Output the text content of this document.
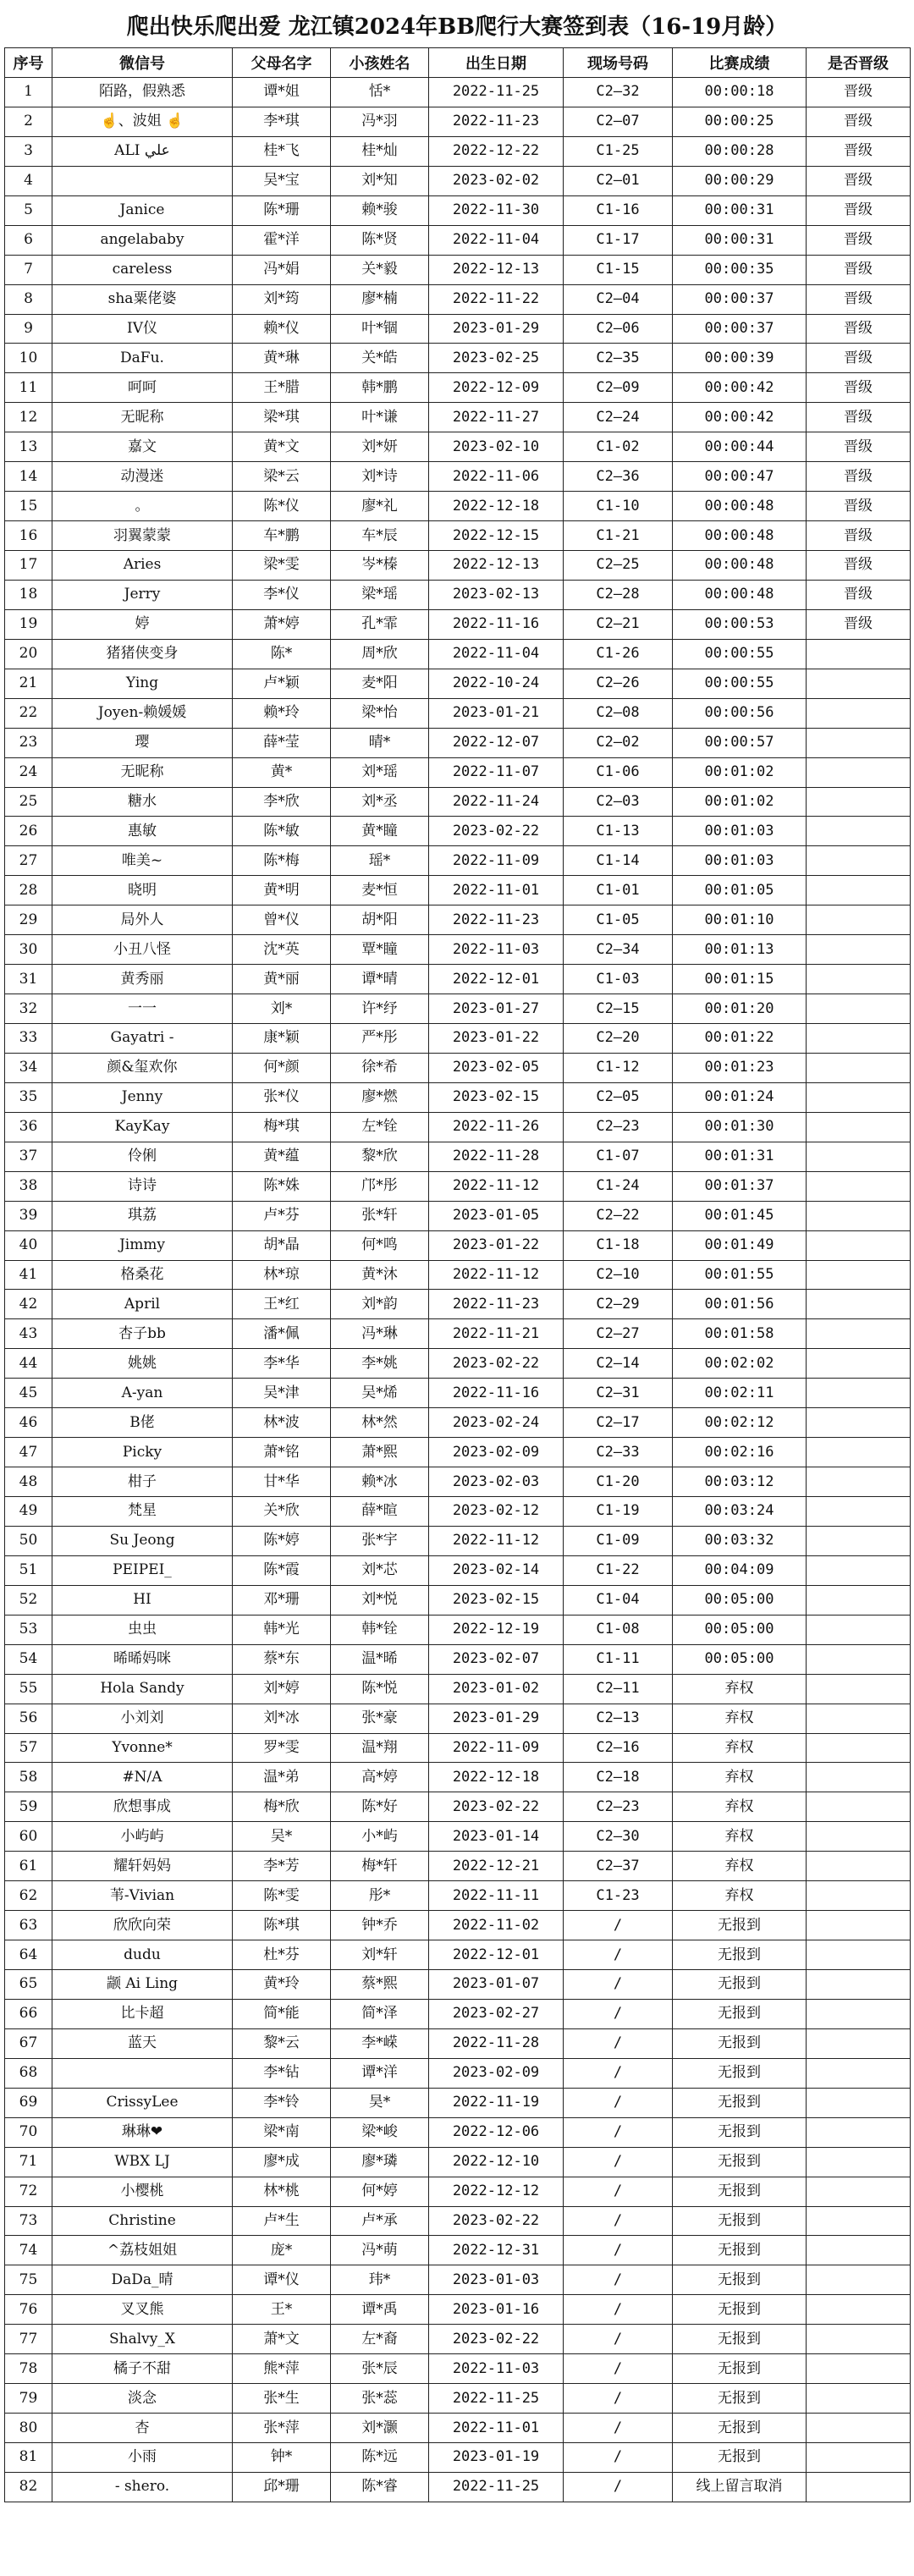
爬出快乐爬出爱 龙江镇2024年BB爬行大赛签到表（16-19月龄）
序号	微信号	父母名字	小孩姓名	出生日期	现场号码	比赛成绩	是否晋级
1	陌路，假熟悉	谭*姐	恬*	2022-11-25	C2—32	00:00:18	晋级
2	☝、波姐 ☝	李*琪	冯*羽	2022-11-23	C2—07	00:00:25	晋级
3	ALI علي	桂*飞	桂*灿	2022-12-22	C1-25	00:00:28	晋级
4		吴*宝	刘*知	2023-02-02	C2—01	00:00:29	晋级
5	Janice	陈*珊	赖*骏	2022-11-30	C1-16	00:00:31	晋级
6	angelababy	霍*洋	陈*贤	2022-11-04	C1-17	00:00:31	晋级
7	careless	冯*娟	关*毅	2022-12-13	C1-15	00:00:35	晋级
8	sha粟佬婆	刘*筠	廖*楠	2022-11-22	C2—04	00:00:37	晋级
9	IV仪	赖*仪	叶*锢	2023-01-29	C2—06	00:00:37	晋级
10	DaFu.	黄*琳	关*皓	2023-02-25	C2—35	00:00:39	晋级
11	呵呵	王*腊	韩*鹏	2022-12-09	C2—09	00:00:42	晋级
12	无昵称	梁*琪	叶*谦	2022-11-27	C2—24	00:00:42	晋级
13	嘉文	黄*文	刘*妍	2023-02-10	C1-02	00:00:44	晋级
14	动漫迷	梁*云	刘*诗	2022-11-06	C2—36	00:00:47	晋级
15	。	陈*仪	廖*礼	2022-12-18	C1-10	00:00:48	晋级
16	羽翼蒙蒙	车*鹏	车*辰	2022-12-15	C1-21	00:00:48	晋级
17	Aries	梁*雯	岑*榛	2022-12-13	C2—25	00:00:48	晋级
18	Jerry	李*仪	梁*瑶	2023-02-13	C2—28	00:00:48	晋级
19	婷	萧*婷	孔*霏	2022-11-16	C2—21	00:00:53	晋级
20	猪猪侠变身	陈*	周*欣	2022-11-04	C1-26	00:00:55	
21	Ying	卢*颖	麦*阳	2022-10-24	C2—26	00:00:55	
22	Joyen-赖媛媛	赖*玲	梁*怡	2023-01-21	C2—08	00:00:56	
23	璎	薛*莹	晴*	2022-12-07	C2—02	00:00:57	
24	无昵称	黄*	刘*瑶	2022-11-07	C1-06	00:01:02	
25	糖水	李*欣	刘*丞	2022-11-24	C2—03	00:01:02	
26	惠敏	陈*敏	黄*瞳	2023-02-22	C1-13	00:01:03	
27	唯美~	陈*梅	瑶*	2022-11-09	C1-14	00:01:03	
28	晓明	黄*明	麦*恒	2022-11-01	C1-01	00:01:05	
29	局外人	曾*仪	胡*阳	2022-11-23	C1-05	00:01:10	
30	小丑八怪	沈*英	覃*瞳	2022-11-03	C2—34	00:01:13	
31	黄秀丽	黄*丽	谭*晴	2022-12-01	C1-03	00:01:15	
32	一一	刘*	许*纾	2023-01-27	C2—15	00:01:20	
33	Gayatri -	康*颖	严*彤	2023-01-22	C2—20	00:01:22	
34	颜&玺欢你	何*颜	徐*希	2023-02-05	C1-12	00:01:23	
35	Jenny	张*仪	廖*燃	2023-02-15	C2—05	00:01:24	
36	KayKay	梅*琪	左*铨	2022-11-26	C2—23	00:01:30	
37	伶俐	黄*蕴	黎*欣	2022-11-28	C1-07	00:01:31	
38	诗诗	陈*姝	邝*彤	2022-11-12	C1-24	00:01:37	
39	琪荔	卢*芬	张*轩	2023-01-05	C2—22	00:01:45	
40	Jimmy	胡*晶	何*鸣	2023-01-22	C1-18	00:01:49	
41	格桑花	林*琼	黄*沐	2022-11-12	C2—10	00:01:55	
42	April	王*红	刘*韵	2022-11-23	C2—29	00:01:56	
43	杏子bb	潘*佩	冯*琳	2022-11-21	C2—27	00:01:58	
44	姚姚	李*华	李*姚	2023-02-22	C2—14	00:02:02	
45	A-yan	吴*津	吴*烯	2022-11-16	C2—31	00:02:11	
46	B佬	林*波	林*然	2023-02-24	C2—17	00:02:12	
47	Picky	萧*铭	萧*熙	2023-02-09	C2—33	00:02:16	
48	柑子	甘*华	赖*冰	2023-02-03	C1-20	00:03:12	
49	梵星	关*欣	薛*暄	2023-02-12	C1-19	00:03:24	
50	Su Jeong	陈*婷	张*宇	2022-11-12	C1-09	00:03:32	
51	PEIPEI_	陈*霞	刘*芯	2023-02-14	C1-22	00:04:09	
52	HI	邓*珊	刘*悦	2023-02-15	C1-04	00:05:00	
53	虫虫	韩*光	韩*铨	2022-12-19	C1-08	00:05:00	
54	晞晞妈咪	蔡*东	温*晞	2023-02-07	C1-11	00:05:00	
55	Hola Sandy	刘*婷	陈*悦	2023-01-02	C2—11	弃权	
56	小刘刘	刘*冰	张*豪	2023-01-29	C2—13	弃权	
57	Yvonne*	罗*雯	温*翔	2022-11-09	C2—16	弃权	
58	#N/A	温*弟	高*婷	2022-12-18	C2—18	弃权	
59	欣想事成	梅*欣	陈*好	2023-02-22	C2—23	弃权	
60	小屿屿	吴*	小*屿	2023-01-14	C2—30	弃权	
61	耀轩妈妈	李*芳	梅*轩	2022-12-21	C2—37	弃权	
62	苇-Vivian	陈*雯	彤*	2022-11-11	C1-23	弃权	
63	欣欣向荣	陈*琪	钟*乔	2022-11-02	/	无报到	
64	dudu	杜*芬	刘*轩	2022-12-01	/	无报到	
65	颛 Ai Ling	黄*玲	蔡*熙	2023-01-07	/	无报到	
66	比卡超	简*能	简*泽	2023-02-27	/	无报到	
67	蓝天	黎*云	李*嵘	2022-11-28	/	无报到	
68		李*钻	谭*洋	2023-02-09	/	无报到	
69	CrissyLee	李*铃	昊*	2022-11-19	/	无报到	
70	琳琳❤	梁*南	梁*峻	2022-12-06	/	无报到	
71	WBX LJ	廖*成	廖*璘	2022-12-10	/	无报到	
72	小樱桃	林*桃	何*婷	2022-12-12	/	无报到	
73	Christine	卢*生	卢*承	2023-02-22	/	无报到	
74	^荔枝姐姐	庞*	冯*萌	2022-12-31	/	无报到	
75	DaDa_晴	谭*仪	玮*	2023-01-03	/	无报到	
76	叉叉熊	王*	谭*禹	2023-01-16	/	无报到	
77	Shalvy_X	萧*文	左*裔	2023-02-22	/	无报到	
78	橘子不甜	熊*萍	张*辰	2022-11-03	/	无报到	
79	淡念	张*生	张*蕊	2022-11-25	/	无报到	
80	杏	张*萍	刘*灏	2022-11-01	/	无报到	
81	小雨	钟*	陈*远	2023-01-19	/	无报到	
82	- shero.	邱*珊	陈*睿	2022-11-25	/	线上留言取消	
